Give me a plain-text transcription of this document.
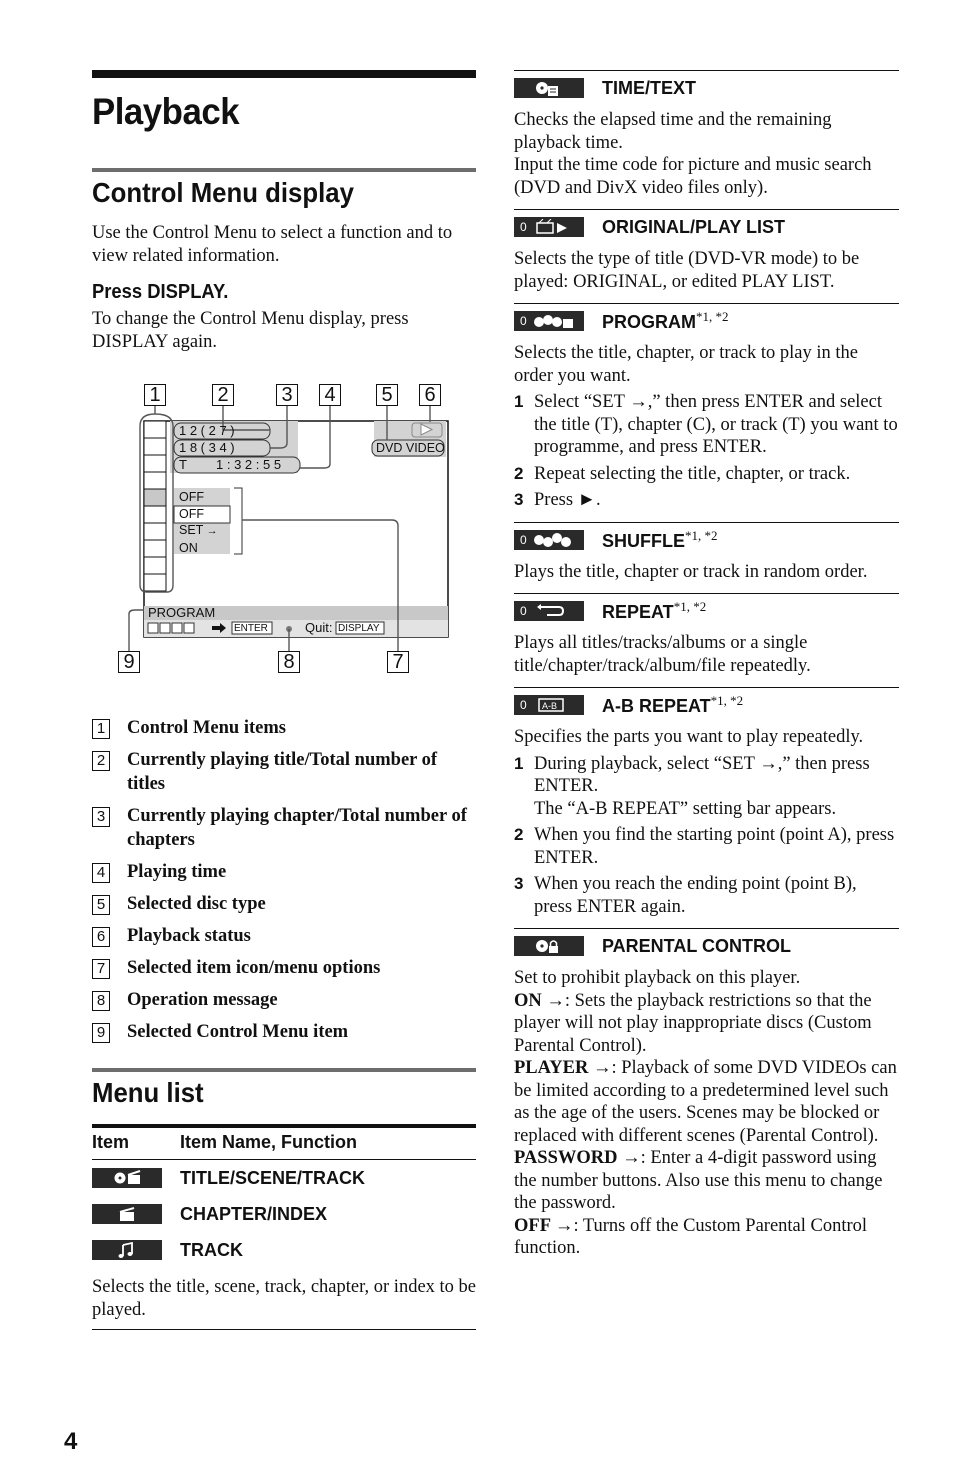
Playback
Control Menu display

Use the Control Menu to select a function and to view related information.

Press DISPLAY.

To change the Control Menu display, press DISPLAY again.

1	2	3 4 5 6
9	8	7
1 2 ( 2 7 )
1 8 ( 3 4 )
T 1 : 3 2 : 5 5
DVD VIDEO
OFF
OFF
SET →
ON
PROGRAM
ENTER	Quit: DISPLAY
1 Control Menu items
2 Currently playing title/Total number of titles
3 Currently playing chapter/Total number of chapters
4 Playing time
5 Selected disc type
6 Playback status
7 Selected item icon/menu options
8 Operation message
9 Selected Control Menu item
Menu list
Item	Item Name, Function
TITLE/SCENE/TRACK
CHAPTER/INDEX
TRACK

Selects the title, scene, track, chapter, or index to be played.

TIME/TEXT

Checks the elapsed time and the remaining playback time.
Input the time code for picture and music search (DVD and DivX video files only).

0	ORIGINAL/PLAY LIST

Selects the type of title (DVD-VR mode) to be played: ORIGINAL, or edited PLAY LIST.

0	$PROGRAM^{*1, *2}$

Selects the title, chapter, or track to play in the order you want.

1 Select “SET →,” then press ENTER and select the title (T), chapter (C), or track (T) you want to programme, and press ENTER.
2 Repeat selecting the title, chapter, or track.
3 Press ►.
0	$SHUFFLE^{*1, *2}$

Plays the title, chapter or track in random order.

0	$REPEAT^{*1, *2}$

Plays all titles/tracks/albums or a single title/chapter/track/album/file repeatedly.

0 A-B	A-B $REPEAT^{*1, *2}$

Specifies the parts you want to play repeatedly.

1 During playback, select “SET →,” then press ENTER.
The “A-B REPEAT” setting bar appears.
2 When you find the starting point (point A), press ENTER.
3 When you reach the ending point (point B), press ENTER again.
PARENTAL CONTROL

Set to prohibit playback on this player.

ON →: Sets the playback restrictions so that the player will not play inappropriate discs (Custom Parental Control).

PLAYER →: Playback of some DVD VIDEOs can be limited according to a predetermined level such as the age of the users. Scenes may be blocked or replaced with different scenes (Parental Control).

PASSWORD →: Enter a 4-digit password using the number buttons. Also use this menu to change the password.

OFF →: Turns off the Custom Parental Control function.

4
